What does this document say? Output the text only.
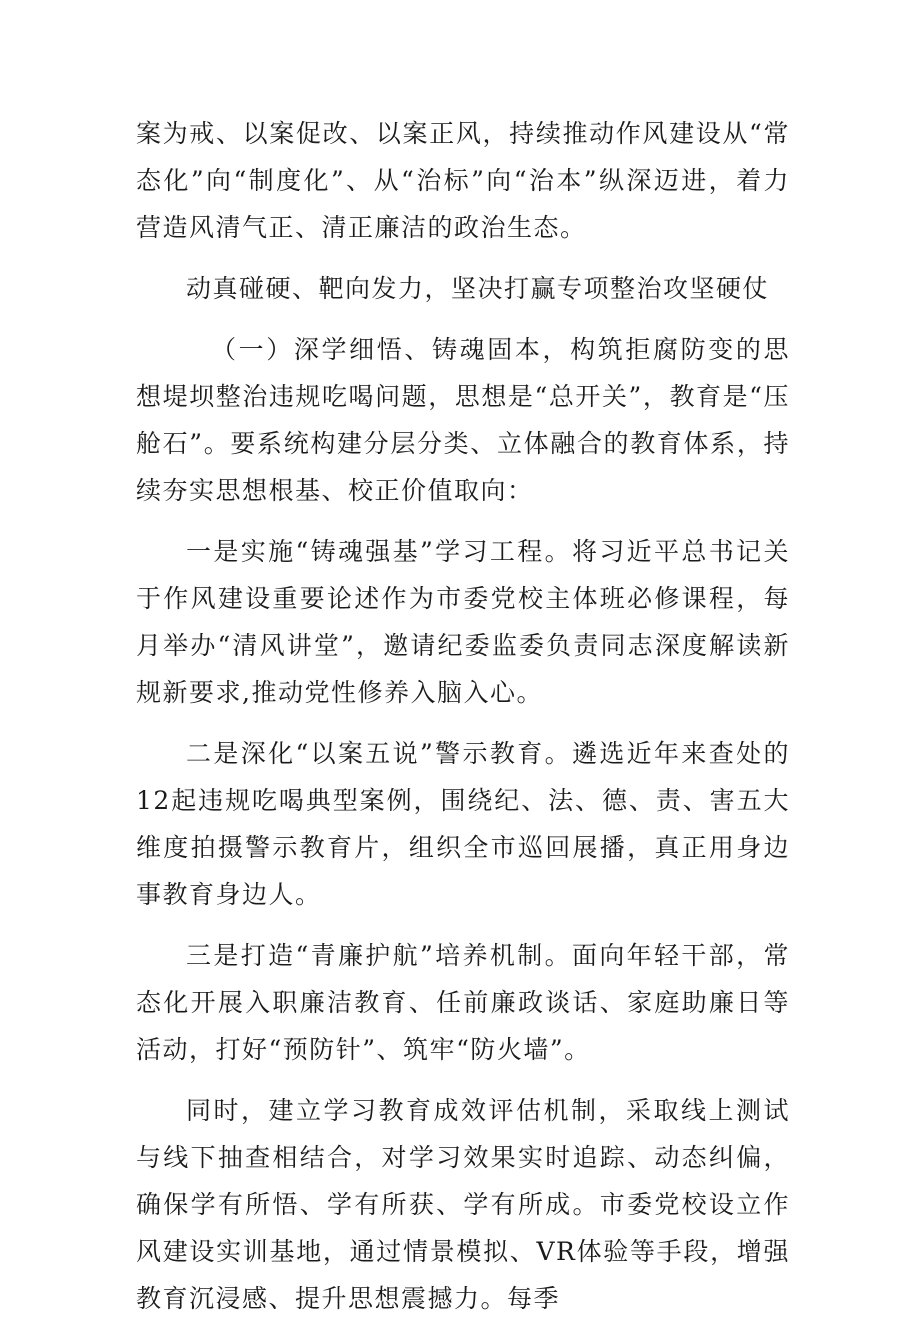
案为戒、以案促改、以案正风，持续推动作风建设从“常态化”向“制度化”、从“治标”向“治本”纵深迈进，着力营造风清气正、清正廉洁的政治生态。

动真碰硬、靶向发力，坚决打赢专项整治攻坚硬仗

（一）深学细悟、铸魂固本，构筑拒腐防变的思想堤坝整治违规吃喝问题，思想是“总开关”，教育是“压舱石”。要系统构建分层分类、立体融合的教育体系，持续夯实思想根基、校正价值取向：

一是实施“铸魂强基”学习工程。将习近平总书记关于作风建设重要论述作为市委党校主体班必修课程，每月举办“清风讲堂”，邀请纪委监委负责同志深度解读新规新要求,推动党性修养入脑入心。

二是深化“以案五说”警示教育。遴选近年来查处的12起违规吃喝典型案例，围绕纪、法、德、责、害五大维度拍摄警示教育片，组织全市巡回展播，真正用身边事教育身边人。

三是打造“青廉护航”培养机制。面向年轻干部，常态化开展入职廉洁教育、任前廉政谈话、家庭助廉日等活动，打好“预防针”、筑牢“防火墙”。

同时，建立学习教育成效评估机制，采取线上测试与线下抽查相结合，对学习效果实时追踪、动态纠偏，确保学有所悟、学有所获、学有所成。市委党校设立作风建设实训基地，通过情景模拟、VR体验等手段，增强教育沉浸感、提升思想震撼力。每季
